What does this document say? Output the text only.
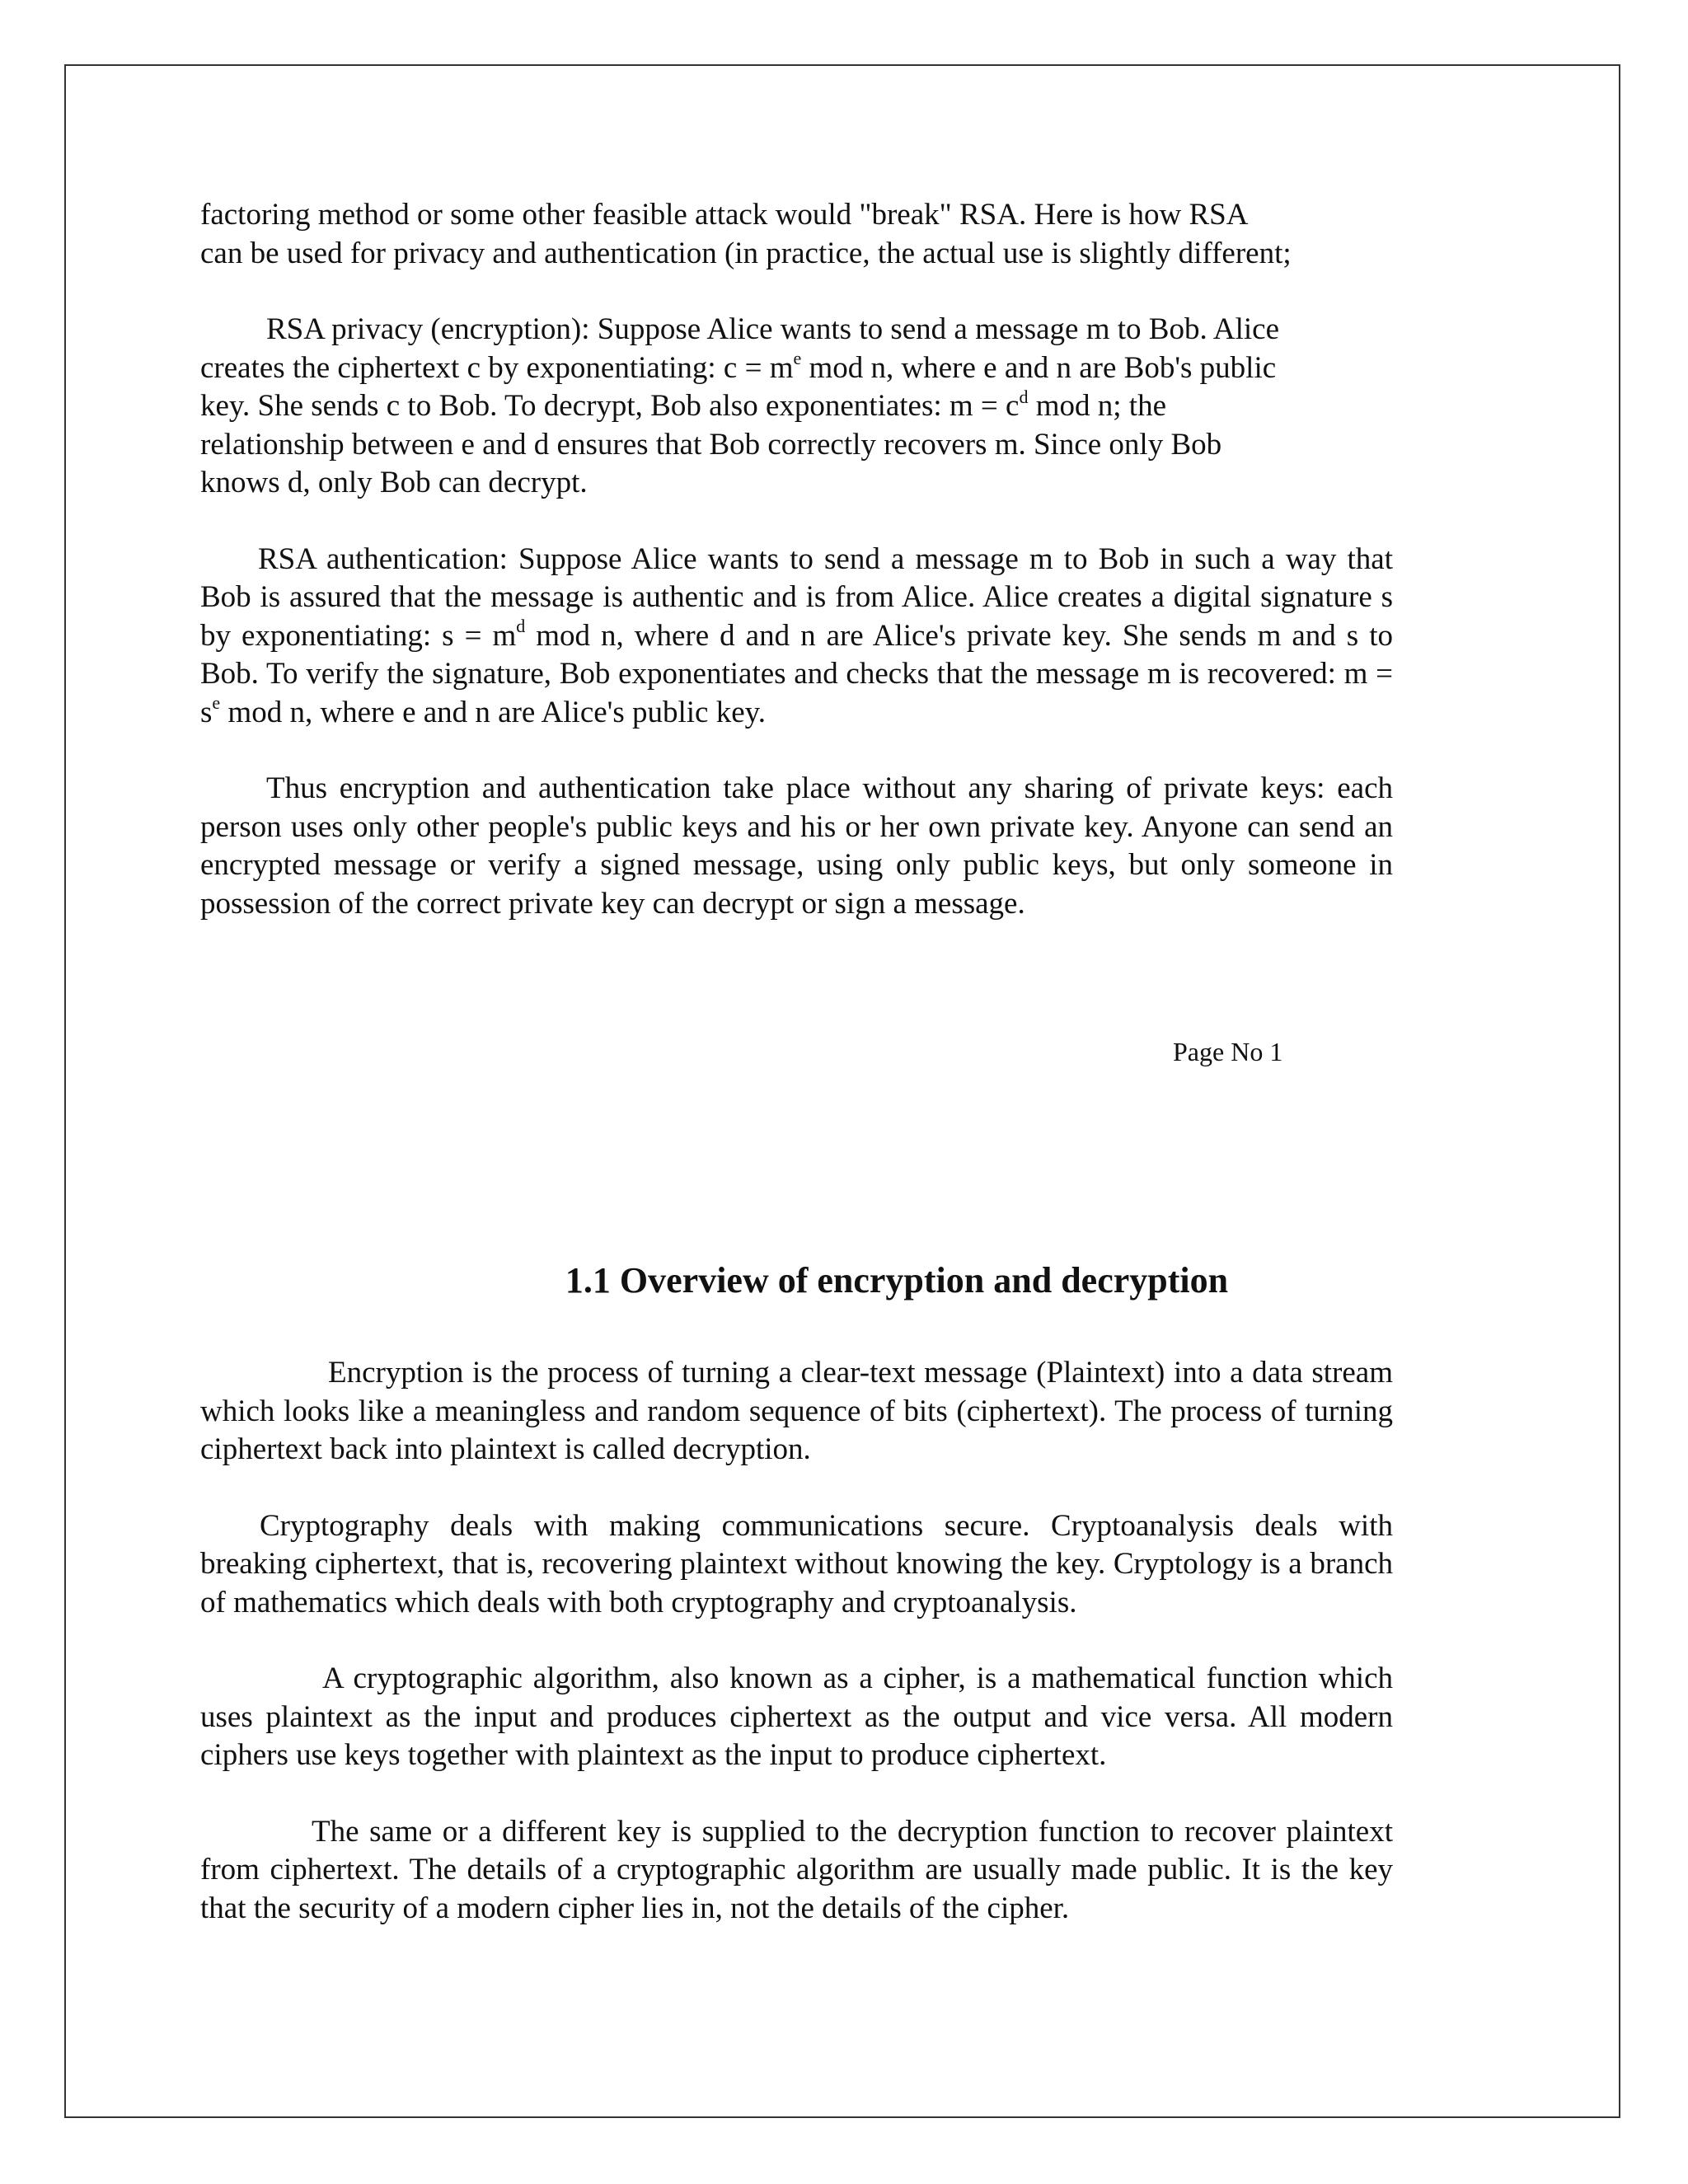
factoring method or some other feasible attack would "break" RSA. Here is how RSA

can be used for privacy and authentication (in practice, the actual use is slightly different;

RSA privacy (encryption): Suppose Alice wants to send a message m to Bob. Alice

creates the ciphertext c by exponentiating: $c = m^e$ mod n, where e and n are Bob's public

key. She sends c to Bob. To decrypt, Bob also exponentiates: $m = c^d$ mod n; the

relationship between e and d ensures that Bob correctly recovers m. Since only Bob

knows d, only Bob can decrypt.

RSA authentication: Suppose Alice wants to send a message m to Bob in such a way that Bob is assured that the message is authentic and is from Alice. Alice creates a digital signature s by exponentiating: $s = m^d$ mod n, where d and n are Alice's private key. She sends m and s to Bob. To verify the signature, Bob exponentiates and checks that the message m is recovered: $m = s^e$ mod n, where e and n are Alice's public key.

Thus encryption and authentication take place without any sharing of private keys: each person uses only other people's public keys and his or her own private key. Anyone can send an encrypted message or verify a signed message, using only public keys, but only someone in possession of the correct private key can decrypt or sign a message.

Page No 1
1.1 Overview of encryption and decryption

Encryption is the process of turning a clear-text message (Plaintext) into a data stream which looks like a meaningless and random sequence of bits (ciphertext). The process of turning ciphertext back into plaintext is called decryption.

Cryptography deals with making communications secure. Cryptoanalysis deals with breaking ciphertext, that is, recovering plaintext without knowing the key. Cryptology is a branch of mathematics which deals with both cryptography and cryptoanalysis.

A cryptographic algorithm, also known as a cipher, is a mathematical function which uses plaintext as the input and produces ciphertext as the output and vice versa. All modern ciphers use keys together with plaintext as the input to produce ciphertext.

The same or a different key is supplied to the decryption function to recover plaintext from ciphertext. The details of a cryptographic algorithm are usually made public. It is the key that the security of a modern cipher lies in, not the details of the cipher.
